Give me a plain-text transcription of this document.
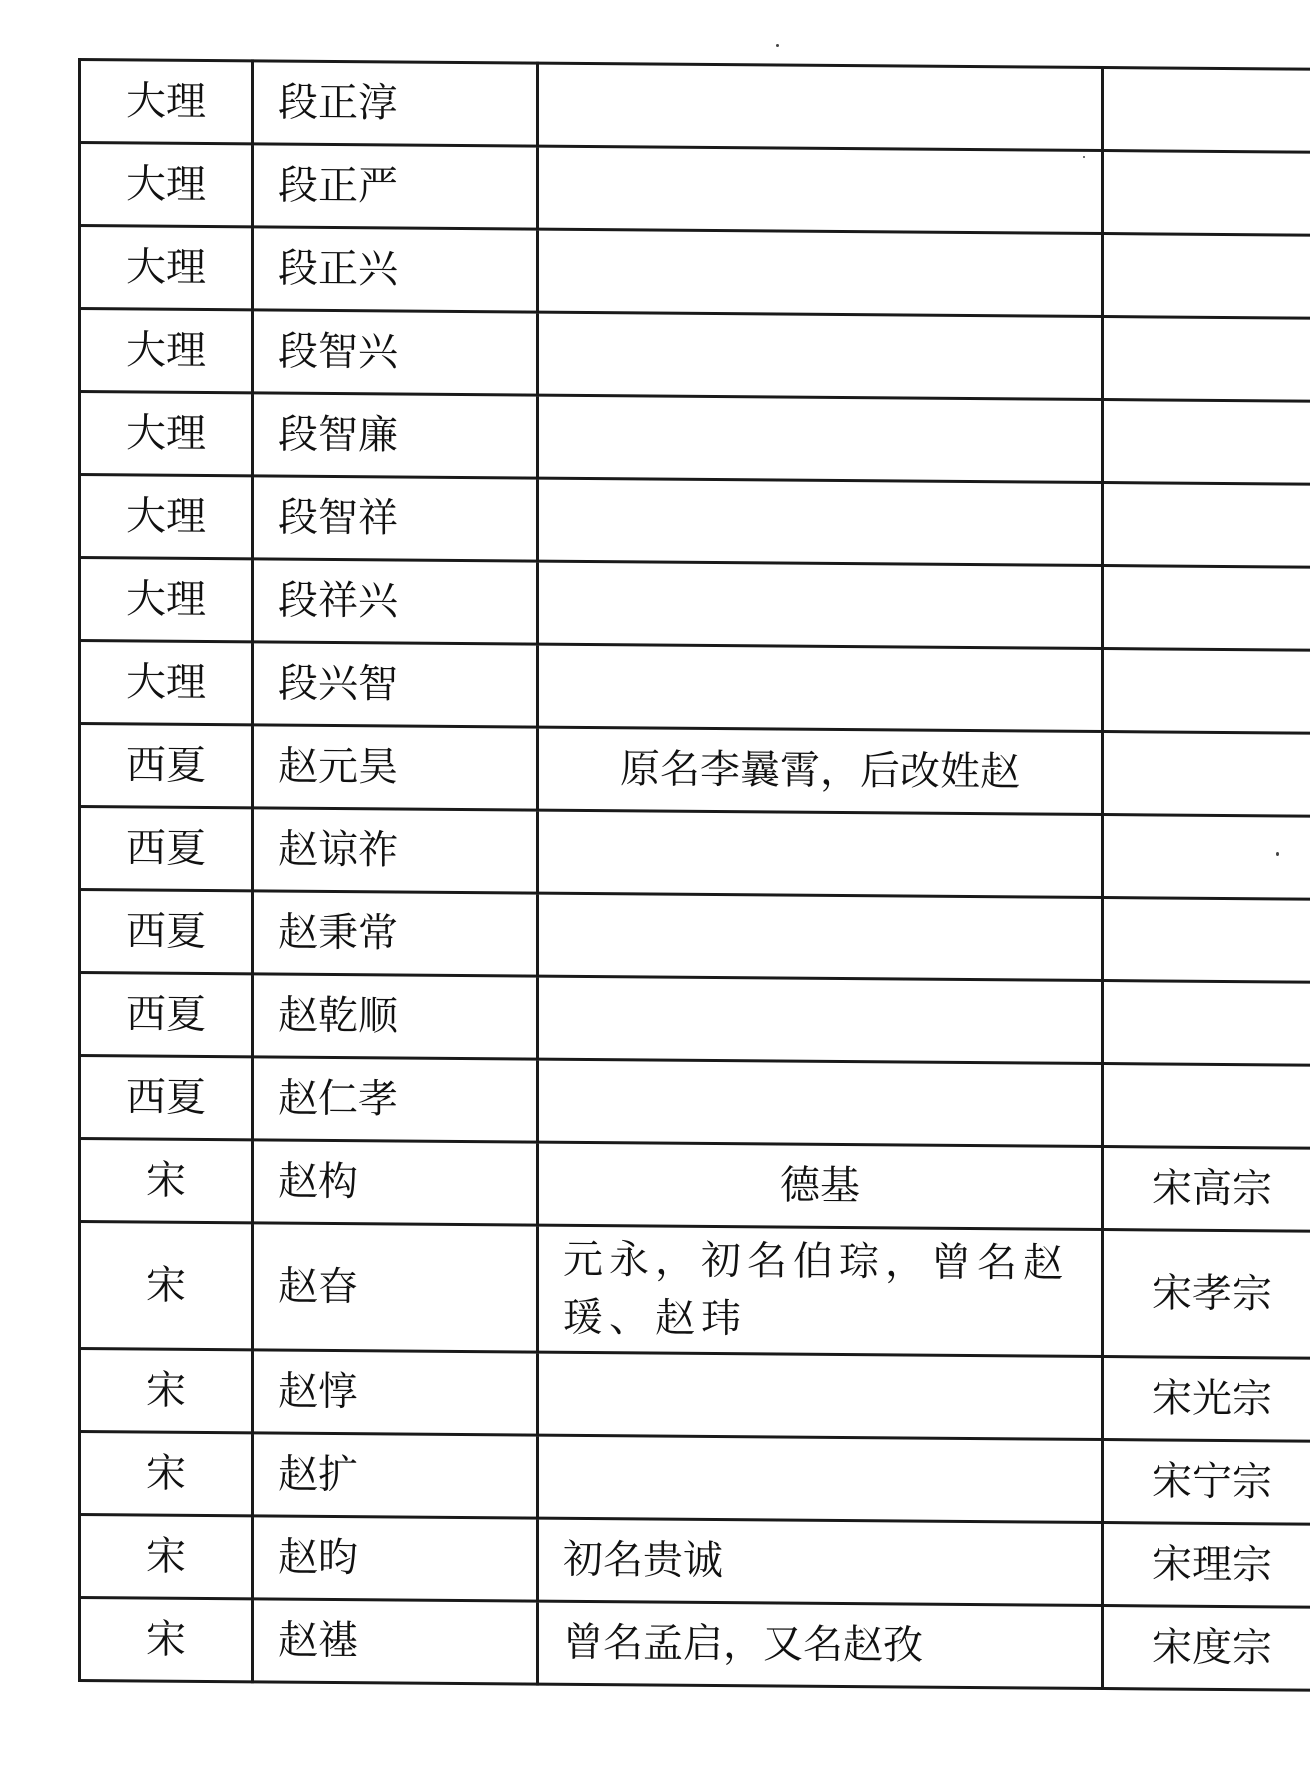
大理	段正淳		
大理	段正严		
大理	段正兴		
大理	段智兴		
大理	段智廉		
大理	段智祥		
大理	段祥兴		
大理	段兴智		
西夏	赵元昊	原名李曩霄，后改姓赵	
西夏	赵谅祚		
西夏	赵秉常		
西夏	赵乾顺		
西夏	赵仁孝		
宋	赵构	德基	宋高宗
宋	赵昚	元永，初名伯琮，曾名赵瑗、赵玮	宋孝宗
宋	赵惇		宋光宗
宋	赵扩		宋宁宗
宋	赵昀	初名贵诚	宋理宗
宋	赵禥	曾名孟启，又名赵孜	宋度宗
